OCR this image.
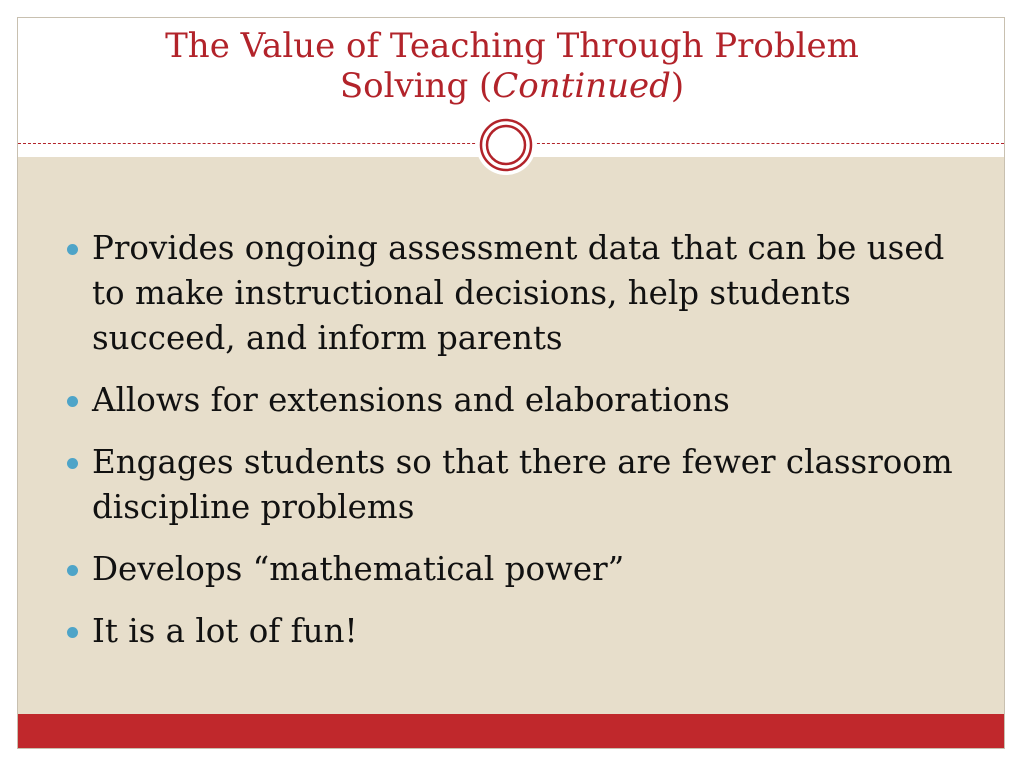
The Value of Teaching Through Problem
Solving (Continued)
Provides ongoing assessment data that can be used to make instructional decisions, help students succeed, and inform parents
Allows for extensions and elaborations
Engages students so that there are fewer classroom discipline problems
Develops “mathematical power”
It is a lot of fun!
